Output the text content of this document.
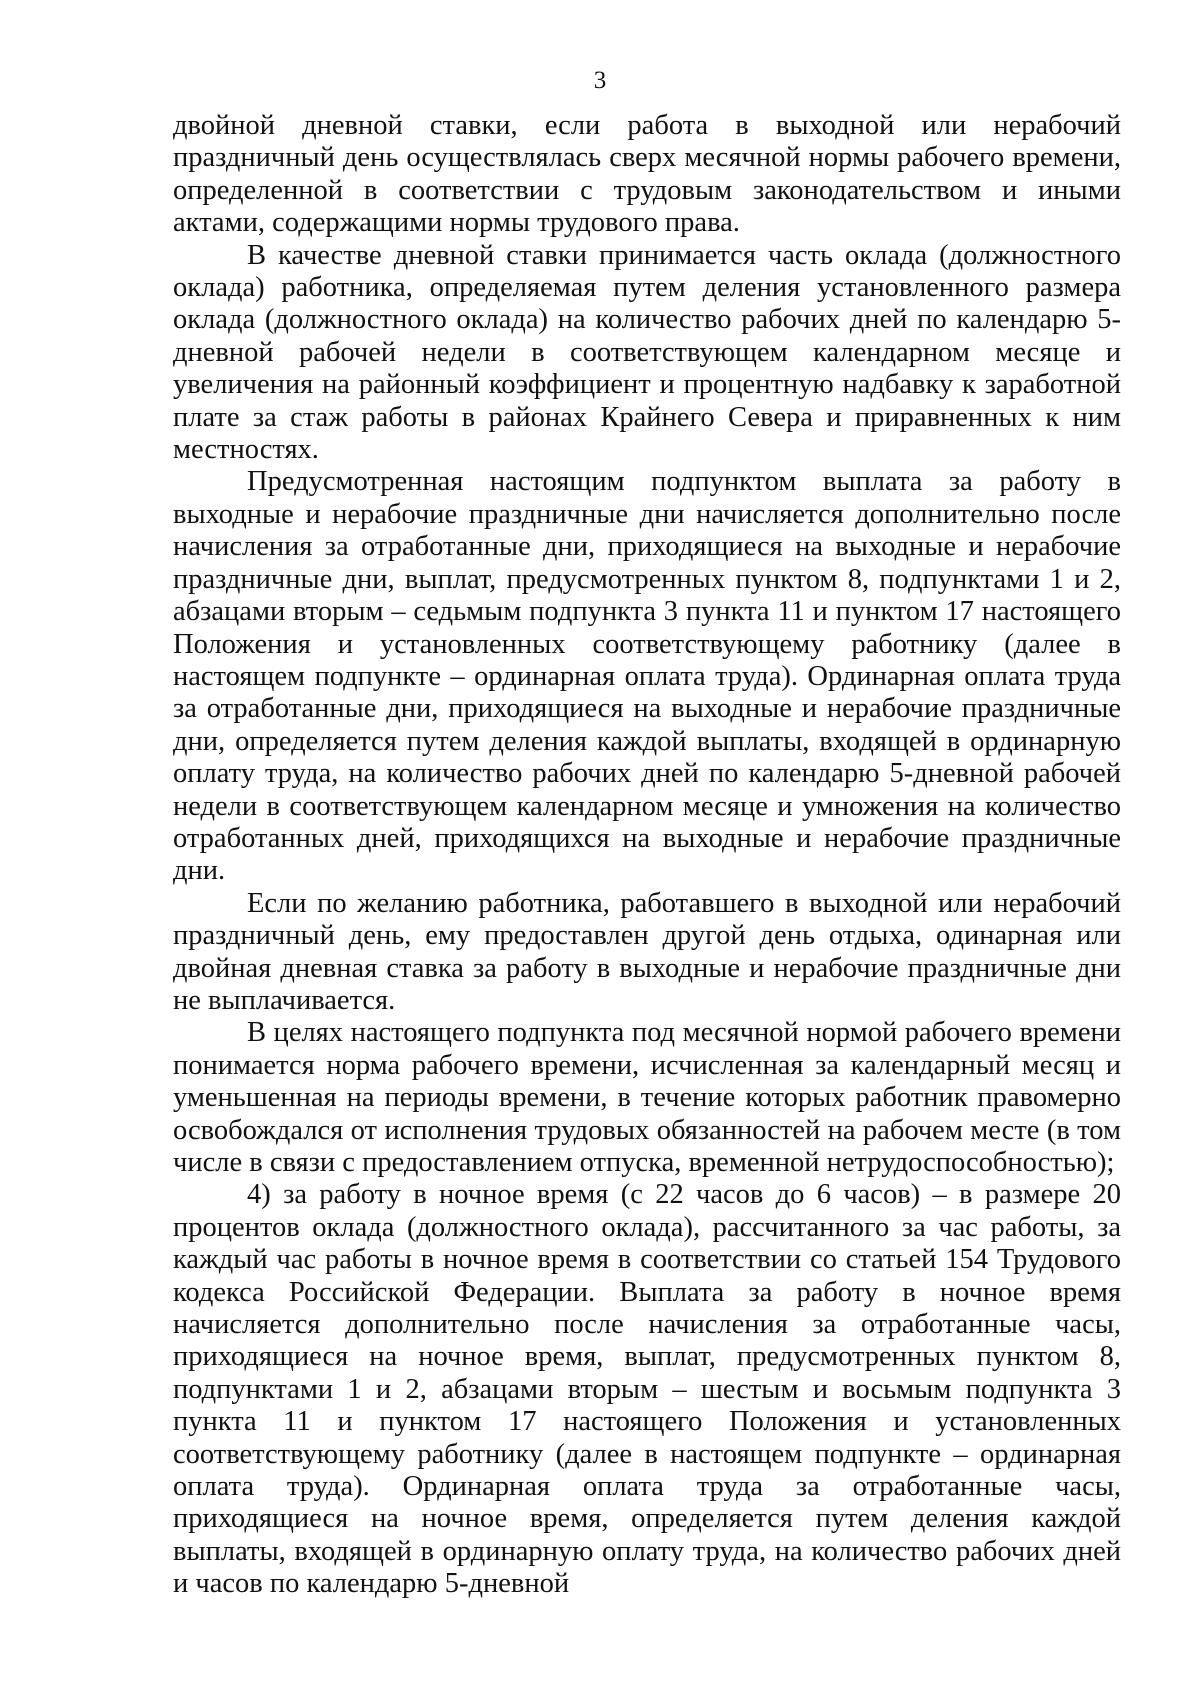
3

двойной дневной ставки, если работа в выходной или нерабочий праздничный день осуществлялась сверх месячной нормы рабочего времени, определенной в соответствии с трудовым законодательством и иными актами, содержащими нормы трудового права.

В качестве дневной ставки принимается часть оклада (должностного оклада) работника, определяемая путем деления установленного размера оклада (должностного оклада) на количество рабочих дней по календарю 5-дневной рабочей недели в соответствующем календарном месяце и увеличения на районный коэффициент и процентную надбавку к заработной плате за стаж работы в районах Крайнего Севера и приравненных к ним местностях.

Предусмотренная настоящим подпунктом выплата за работу в выходные и нерабочие праздничные дни начисляется дополнительно после начисления за отработанные дни, приходящиеся на выходные и нерабочие праздничные дни, выплат, предусмотренных пунктом 8, подпунктами 1 и 2, абзацами вторым – седьмым подпункта 3 пункта 11 и пунктом 17 настоящего Положения и установленных соответствующему работнику (далее в настоящем подпункте – ординарная оплата труда). Ординарная оплата труда за отработанные дни, приходящиеся на выходные и нерабочие праздничные дни, определяется путем деления каждой выплаты, входящей в ординарную оплату труда, на количество рабочих дней по календарю 5-дневной рабочей недели в соответствующем календарном месяце и умножения на количество отработанных дней, приходящихся на выходные и нерабочие праздничные дни.

Если по желанию работника, работавшего в выходной или нерабочий праздничный день, ему предоставлен другой день отдыха, одинарная или двойная дневная ставка за работу в выходные и нерабочие праздничные дни не выплачивается.

В целях настоящего подпункта под месячной нормой рабочего времени понимается норма рабочего времени, исчисленная за календарный месяц и уменьшенная на периоды времени, в течение которых работник правомерно освобождался от исполнения трудовых обязанностей на рабочем месте (в том числе в связи с предоставлением отпуска, временной нетрудоспособностью);

4) за работу в ночное время (с 22 часов до 6 часов) – в размере 20 процентов оклада (должностного оклада), рассчитанного за час работы, за каждый час работы в ночное время в соответствии со статьей 154 Трудового кодекса Российской Федерации. Выплата за работу в ночное время начисляется дополнительно после начисления за отработанные часы, приходящиеся на ночное время, выплат, предусмотренных пунктом 8, подпунктами 1 и 2, абзацами вторым – шестым и восьмым подпункта 3 пункта 11 и пунктом 17 настоящего Положения и установленных соответствующему работнику (далее в настоящем подпункте – ординарная оплата труда). Ординарная оплата труда за отработанные часы, приходящиеся на ночное время, определяется путем деления каждой выплаты, входящей в ординарную оплату труда, на количество рабочих дней и часов по календарю 5-дневной
